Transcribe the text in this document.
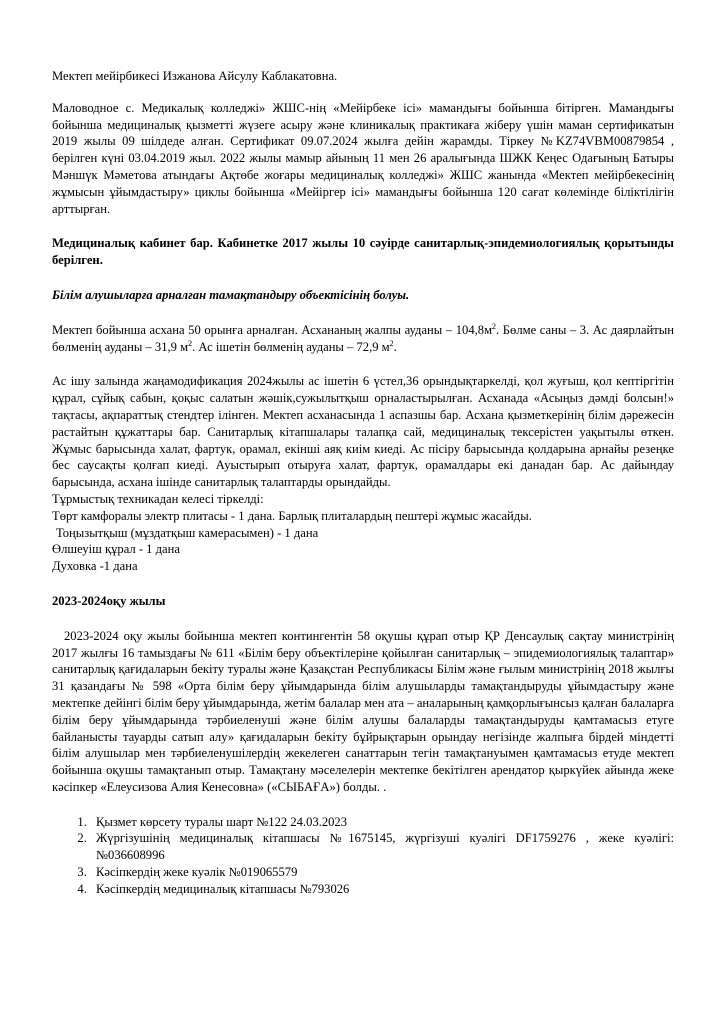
Мектеп мейірбикесі Изжанова Айсулу Каблакатовна.

Маловодное с. Медикалық колледжі» ЖШС-нің «Мейірбеке ісі» мамандығы бойынша бітірген. Мамандығы бойынша медициналық қызметті жүзеге асыру және клиникалық практикаға жіберу үшін маман сертификатын 2019 жылы 09 шілдеде алған. Сертификат 09.07.2024 жылға дейін жарамды. Тіркеу №KZ74VBM00879854 , берілген күні 03.04.2019 жыл. 2022 жылы мамыр айының 11 мен 26 аралығында ШЖК Кеңес Одағының Батыры Мәншүк Мәметова атындағы Ақтөбе жоғары медициналық колледжі» ЖШС жанында «Мектеп мейірбекесінің жұмысын ұйымдастыру» циклы бойынша «Мейіргер ісі» мамандығы бойынша 120 сағат көлемінде біліктілігін арттырған.

Медициналық кабинет бар. Кабинетке 2017 жылы 10 сәуірде санитарлық-эпидемиологиялық қорытынды берілген.

Білім алушыларға арналған тамақтандыру объектісінің болуы.

Мектеп бойынша асхана 50 орынға арналған. Асхананың жалпы ауданы – $104,8м^2$. Бөлме саны – 3. Ас даярлайтын бөлменің ауданы – 31,9 $м^2$. Ас ішетін бөлменің ауданы – 72,9 $м^2$.

Ас ішу залында жаңамодификация 2024жылы ас ішетін 6 үстел,36 орындықтаркелді, қол жуғыш, қол кептіргітін құрал, сұйық сабын, қоқыс салатын жәшік,сужылытқыш орналастырылған. Асханада «Асыңыз дәмді болсын!» тақтасы, ақпараттық стендтер ілінген. Мектеп асханасында 1 аспазшы бар. Асхана қызметкерінің білім дәрежесін растайтын құжаттары бар. Санитарлық кітапшалары талапқа сай, медициналық тексерістен уақытылы өткен. Жұмыс барысында халат, фартук, орамал, екінші аяқ киім киеді. Ас пісіру барысында қолдарына арнайы резеңке бес саусақты қолғап киеді. Ауыстырып отыруға халат, фартук, орамалдары екі данадан бар. Ас дайындау барысында, асхана ішінде санитарлық талаптарды орындайды.

Тұрмыстық техникадан келесі тіркелді:

Төрт камфоралы электр плитасы - 1 дана. Барлық плиталардың пештері жұмыс жасайды.

Тоңызытқыш (мұздатқыш камерасымен) - 1 дана

Өлшеуіш құрал - 1 дана

Духовка -1 дана

2023-2024оқу жылы

2023-2024 оқу жылы бойынша мектеп контингентін 58 оқушы құрап отыр ҚР Денсаулық сақтау министрінің 2017 жылғы 16 тамыздағы № 611 «Білім беру объектілеріне қойылған санитарлық – эпидемиологиялық талаптар» санитарлық қағидаларын бекіту туралы және Қазақстан Республикасы Білім және ғылым министрінің 2018 жылғы 31 қазандағы № 598 «Орта білім беру ұйымдарында білім алушыларды тамақтандыруды ұйымдастыру және мектепке дейінгі білім беру ұйымдарында, жетім балалар мен ата – аналарының қамқорлығынсыз қалған балаларға білім беру ұйымдарында тәрбиеленуші және білім алушы балаларды тамақтандыруды қамтамасыз етуге байланысты тауарды сатып алу» қағидаларын бекіту бұйрықтарын орындау негізінде жалпыға бірдей міндетті білім алушылар мен тәрбиеленушілердің жекелеген санаттарын тегін тамақтануымен қамтамасыз етуде мектеп бойынша оқушы тамақтанып отыр. Тамақтану мәселелерін мектепке бекітілген арендатор қыркүйек айында жеке кәсіпкер «Елеусизова Алия Кенесовна» («СЫБАҒА») болды. .

1. Қызмет көрсету туралы шарт №122 24.03.2023
2. Жүргізушінің медициналық кітапшасы №1675145, жүргізуші куәлігі DF1759276 , жеке куәлігі: №036608996
3. Кәсіпкердің жеке куәлік №019065579
4. Кәсіпкердің медициналық кітапшасы №793026
